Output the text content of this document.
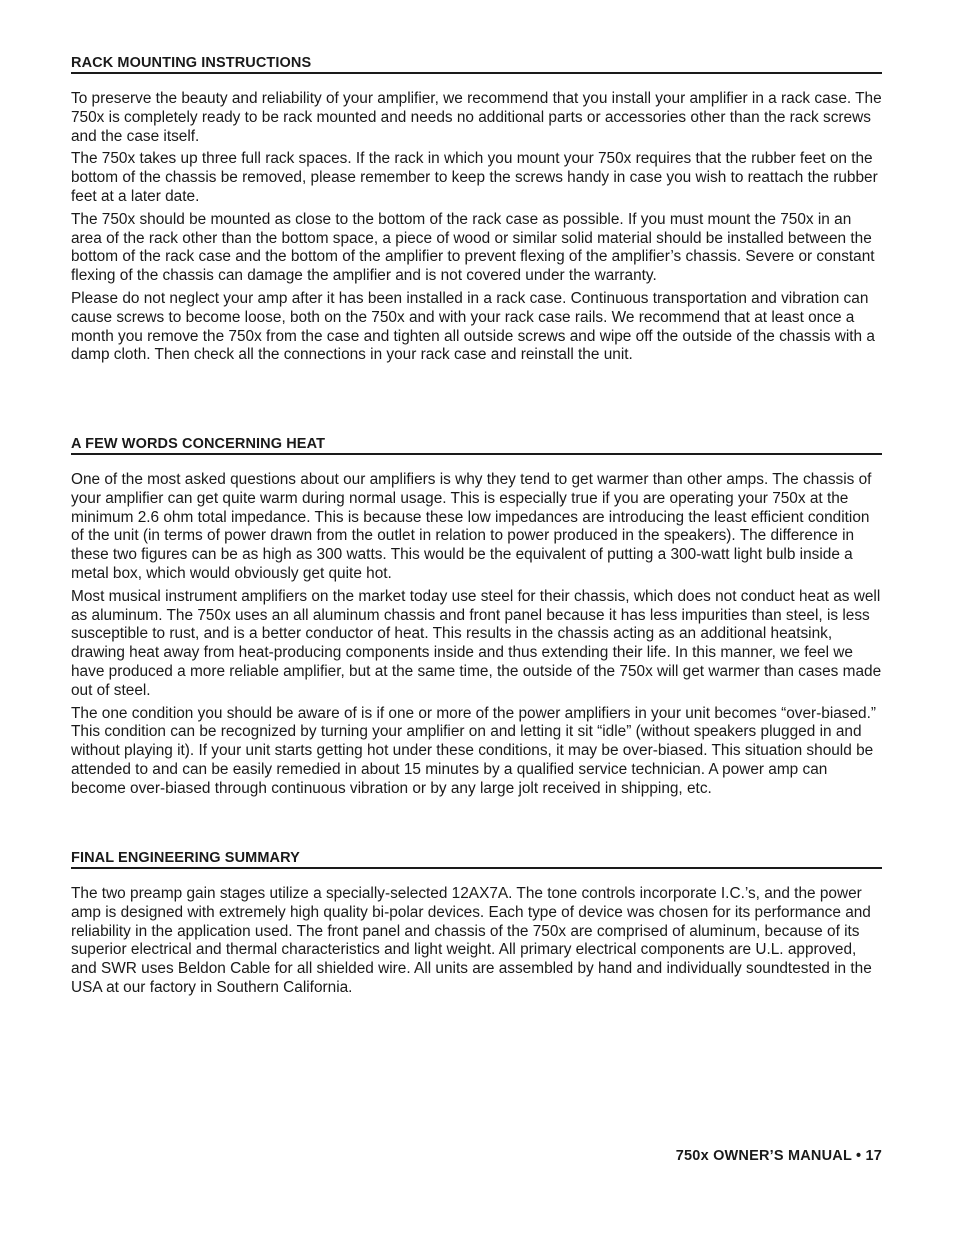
RACK MOUNTING INSTRUCTIONS

To preserve the beauty and reliability of your amplifier, we recommend that you install your amplifier in a rack case. The 750x is completely ready to be rack mounted and needs no additional parts or accessories other than the rack screws and the case itself.

The 750x takes up three full rack spaces. If the rack in which you mount your 750x requires that the rubber feet on the bottom of the chassis be removed, please remember to keep the screws handy in case you wish to reattach the rubber feet at a later date.

The 750x should be mounted as close to the bottom of the rack case as possible. If you must mount the 750x in an area of the rack other than the bottom space, a piece of wood or similar solid material should be installed between the bottom of the rack case and the bottom of the amplifier to prevent flexing of the amplifier’s chassis. Severe or constant flexing of the chassis can damage the amplifier and is not covered under the warranty.

Please do not neglect your amp after it has been installed in a rack case. Continuous transportation and vibration can cause screws to become loose, both on the 750x and with your rack case rails. We recommend that at least once a month you remove the 750x from the case and tighten all outside screws and wipe off the outside of the chassis with a damp cloth. Then check all the connections in your rack case and reinstall the unit.

A FEW WORDS CONCERNING HEAT

One of the most asked questions about our amplifiers is why they tend to get warmer than other amps. The chassis of your amplifier can get quite warm during normal usage. This is especially true if you are operating your 750x at the minimum 2.6 ohm total impedance. This is because these low impedances are introducing the least efficient condition of the unit (in terms of power drawn from the outlet in relation to power produced in the speakers). The difference in these two figures can be as high as 300 watts. This would be the equivalent of putting a 300-watt light bulb inside a metal box, which would obviously get quite hot.

Most musical instrument amplifiers on the market today use steel for their chassis, which does not conduct heat as well as aluminum. The 750x uses an all aluminum chassis and front panel because it has less impurities than steel, is less susceptible to rust, and is a better conductor of heat. This results in the chassis acting as an additional heatsink, drawing heat away from heat-producing components inside and thus extending their life. In this manner, we feel we have produced a more reliable amplifier, but at the same time, the outside of the 750x will get warmer than cases made out of steel.

The one condition you should be aware of is if one or more of the power amplifiers in your unit becomes “over-biased.” This condition can be recognized by turning your amplifier on and letting it sit “idle” (without speakers plugged in and without playing it). If your unit starts getting hot under these conditions, it may be over-biased. This situation should be attended to and can be easily remedied in about 15 minutes by a qualified service technician. A power amp can become over-biased through continuous vibration or by any large jolt received in shipping, etc.

FINAL ENGINEERING SUMMARY

The two preamp gain stages utilize a specially-selected 12AX7A. The tone controls incorporate I.C.’s, and the power amp is designed with extremely high quality bi-polar devices. Each type of device was chosen for its performance and reliability in the application used. The front panel and chassis of the 750x are comprised of aluminum, because of its superior electrical and thermal characteristics and light weight. All primary electrical components are U.L. approved, and SWR uses Beldon Cable for all shielded wire. All units are assembled by hand and individually soundtested in the USA at our factory in Southern California.

750x OWNER’S MANUAL • 17
